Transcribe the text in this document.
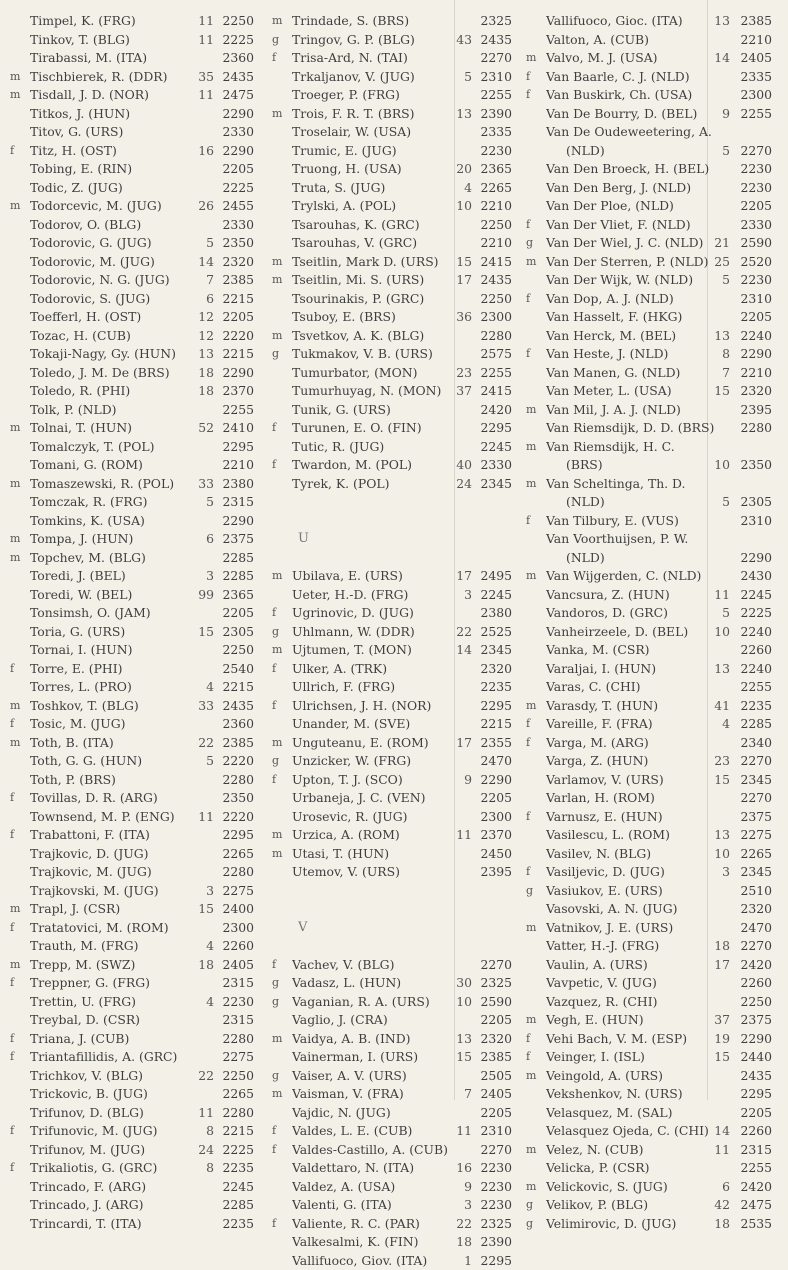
Timpel, K. (FRG)	11 2250
Tinkov, T. (BLG)	11 2225
Tirabassi, M. (ITA)	2360
m Tischbierek, R. (DDR)	35 2435
m Tisdall, J. D. (NOR)	11 2475
Titkos, J. (HUN)	2290
Titov, G. (URS)	2330
f	Titz, H. (OST)	16 2290
Tobing, E. (RIN)	2205
Todic, Z. (JUG)	2225
m Todorcevic, M. (JUG)	26 2455
Todorov, O. (BLG)	2330
Todorovic, G. (JUG)	5 2350
Todorovic, M. (JUG)	14 2320
Todorovic, N. G. (JUG)	7 2385
Todorovic, S. (JUG)	6 2215
Toefferl, H. (OST)	12 2205
Tozac, H. (CUB)	12 2220
Tokaji-Nagy, Gy. (HUN)	13 2215
Toledo, J. M. De (BRS)	18 2290
Toledo, R. (PHI)	18 2370
Tolk, P. (NLD)	2255
m Tolnai, T. (HUN)	52 2410
Tomalczyk, T. (POL)	2295
Tomani, G. (ROM)	2210
m Tomaszewski, R. (POL)	33 2380
Tomczak, R. (FRG)	5 2315
Tomkins, K. (USA)	2290
m Tompa, J. (HUN)	6 2375
m Topchev, M. (BLG)	2285
Toredi, J. (BEL)	3 2285
Toredi, W. (BEL)	99 2365
Tonsimsh, O. (JAM)	2205
Toria, G. (URS)	15 2305
Tornai, I. (HUN)	2250
f	Torre, E. (PHI)	2540
Torres, L. (PRO)	4 2215
m Toshkov, T. (BLG)	33 2435
f	Tosic, M. (JUG)	2360
m Toth, B. (ITA)	22 2385
Toth, G. G. (HUN)	5 2220
Toth, P. (BRS)	2280
f	Tovillas, D. R. (ARG)	2350
Townsend, M. P. (ENG)	11 2220
f	Trabattoni, F. (ITA)	2295
Trajkovic, D. (JUG)	2265
Trajkovic, M. (JUG)	2280
Trajkovski, M. (JUG)	3 2275
m Trapl, J. (CSR)	15 2400
f	Tratatovici, M. (ROM)	2300
Trauth, M. (FRG)	4 2260
m Trepp, M. (SWZ)	18 2405
f	Treppner, G. (FRG)	2315
Trettin, U. (FRG)	4 2230
Treybal, D. (CSR)	2315
f	Triana, J. (CUB)	2280
f	Triantafillidis, A. (GRC)	2275
Trichkov, V. (BLG)	22 2250
Trickovic, B. (JUG)	2265
Trifunov, D. (BLG)	11 2280
f	Trifunovic, M. (JUG)	8 2215
Trifunov, M. (JUG)	24 2225
f	Trikaliotis, G. (GRC)	8 2235
Trincado, F. (ARG)	2245
Trincado, J. (ARG)	2285
Trincardi, T. (ITA)	2235
m Trindade, S. (BRS)	2325
g	Tringov, G. P. (BLG)	43 2435
f	Trisa-Ard, N. (TAI)	2270
Trkaljanov, V. (JUG)	5 2310
Troeger, P. (FRG)	2255
m Trois, F. R. T. (BRS)	13 2390
Troselair, W. (USA)	2335
Trumic, E. (JUG)	2230
Truong, H. (USA)	20 2365
Truta, S. (JUG)	4 2265
Trylski, A. (POL)	10 2210
Tsarouhas, K. (GRC)	2250
Tsarouhas, V. (GRC)	2210
m Tseitlin, Mark D. (URS)	15 2415
m Tseitlin, Mi. S. (URS)	17 2435
Tsourinakis, P. (GRC)	2250
Tsuboy, E. (BRS)	36 2300
m Tsvetkov, A. K. (BLG)	2280
g	Tukmakov, V. B. (URS)	2575
Tumurbator, (MON)	23 2255
Tumurhuyag, N. (MON)	37 2415
Tunik, G. (URS)	2420
f	Turunen, E. O. (FIN)	2295
Tutic, R. (JUG)	2245
f	Twardon, M. (POL)	40 2330
Tyrek, K. (POL)	24 2345
U
m Ubilava, E. (URS)	17 2495
Ueter, H.-D. (FRG)	3 2245
f	Ugrinovic, D. (JUG)	2380
g	Uhlmann, W. (DDR)	22 2525
m Ujtumen, T. (MON)	14 2345
f	Ulker, A. (TRK)	2320
Ullrich, F. (FRG)	2235
f	Ulrichsen, J. H. (NOR)	2295
Unander, M. (SVE)	2215
m Unguteanu, E. (ROM)	17 2355
g	Unzicker, W. (FRG)	2470
f	Upton, T. J. (SCO)	9 2290
Urbaneja, J. C. (VEN)	2205
Urosevic, R. (JUG)	2300
m Urzica, A. (ROM)	11 2370
m Utasi, T. (HUN)	2450
Utemov, V. (URS)	2395
V
f	Vachev, V. (BLG)	2270
g	Vadasz, L. (HUN)	30 2325
g	Vaganian, R. A. (URS)	10 2590
Vaglio, J. (CRA)	2205
m Vaidya, A. B. (IND)	13 2320
Vainerman, I. (URS)	15 2385
g	Vaiser, A. V. (URS)	2505
m Vaisman, V. (FRA)	7 2405
Vajdic, N. (JUG)	2205
f	Valdes, L. E. (CUB)	11 2310
f	Valdes-Castillo, A. (CUB)	2270
Valdettaro, N. (ITA)	16 2230
Valdez, A. (USA)	9 2230
Valenti, G. (ITA)	3 2230
f	Valiente, R. C. (PAR)	22 2325
Valkesalmi, K. (FIN)	18 2390
Vallifuoco, Giov. (ITA)	1 2295
Vallifuoco, Gioc. (ITA)	13 2385
Valton, A. (CUB)	2210
m Valvo, M. J. (USA)	14 2405
f	Van Baarle, C. J. (NLD)	2335
f	Van Buskirk, Ch. (USA)	2300
Van De Bourry, D. (BEL)	9 2255
Van De Oudeweetering, A.
(NLD)	5 2270
Van Den Broeck, H. (BEL)	2230
Van Den Berg, J. (NLD)	2230
Van Der Ploe, (NLD)	2205
f	Van Der Vliet, F. (NLD)	2330
g	Van Der Wiel, J. C. (NLD) 21 2590
m Van Der Sterren, P. (NLD) 25 2520
Van Der Wijk, W. (NLD)	5 2230
f	Van Dop, A. J. (NLD)	2310
Van Hasselt, F. (HKG)	2205
Van Herck, M. (BEL)	13 2240
f	Van Heste, J. (NLD)	8 2290
Van Manen, G. (NLD)	7 2210
Van Meter, L. (USA)	15 2320
m Van Mil, J. A. J. (NLD)	2395
Van Riemsdijk, D. D. (BRS)	2280
m Van Riemsdijk, H. C.
(BRS)	10 2350
m Van Scheltinga, Th. D.
(NLD)	5 2305
f	Van Tilbury, E. (VUS)	2310
Van Voorthuijsen, P. W.
(NLD)	2290
m Van Wijgerden, C. (NLD)	2430
Vancsura, Z. (HUN)	11 2245
Vandoros, D. (GRC)	5 2225
Vanheirzeele, D. (BEL)	10 2240
Vanka, M. (CSR)	2260
Varaljai, I. (HUN)	13 2240
Varas, C. (CHI)	2255
m Varasdy, T. (HUN)	41 2235
f	Vareille, F. (FRA)	4 2285
f	Varga, M. (ARG)	2340
Varga, Z. (HUN)	23 2270
Varlamov, V. (URS)	15 2345
Varlan, H. (ROM)	2270
f	Varnusz, E. (HUN)	2375
Vasilescu, L. (ROM)	13 2275
Vasilev, N. (BLG)	10 2265
f	Vasiljevic, D. (JUG)	3 2345
g	Vasiukov, E. (URS)	2510
Vasovski, A. N. (JUG)	2320
m Vatnikov, J. E. (URS)	2470
Vatter, H.-J. (FRG)	18 2270
Vaulin, A. (URS)	17 2420
Vavpetic, V. (JUG)	2260
Vazquez, R. (CHI)	2250
m Vegh, E. (HUN)	37 2375
f	Vehi Bach, V. M. (ESP)	19 2290
f	Veinger, I. (ISL)	15 2440
m Veingold, A. (URS)	2435
Vekshenkov, N. (URS)	2295
Velasquez, M. (SAL)	2205
Velasquez Ojeda, C. (CHI) 14 2260
m Velez, N. (CUB)	11 2315
Velicka, P. (CSR)	2255
m Velickovic, S. (JUG)	6 2420
g	Velikov, P. (BLG)	42 2475
g	Velimirovic, D. (JUG)	18 2535
